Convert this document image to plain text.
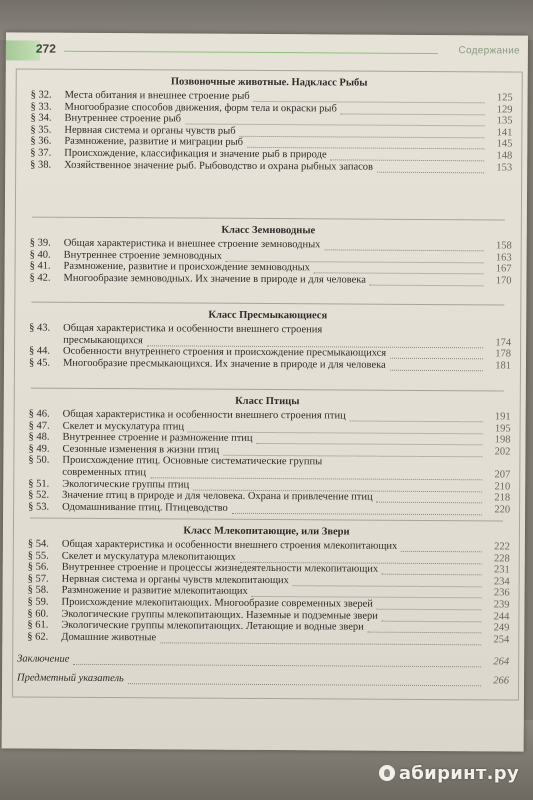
272	Содержание
Позвоночные животные. Надкласс Рыбы
§ 32.	Места обитания и внешнее строение рыб	125
§ 33.	Многообразие способов движения, форм тела и окраски рыб	129
§ 34.	Внутреннее строение рыб	135
§ 35.	Нервная система и органы чувств рыб	141
§ 36.	Размножение, развитие и миграции рыб	145
§ 37.	Происхождение, классификация и значение рыб в природе	148
§ 38.	Хозяйственное значение рыб. Рыбоводство и охрана рыбных запасов	153
Класс Земноводные
§ 39.	Общая характеристика и внешнее строение земноводных	158
§ 40.	Внутреннее строение земноводных	163
§ 41.	Размножение, развитие и происхождение земноводных	167
§ 42.	Многообразие земноводных. Их значение в природе и для человека	170
Класс Пресмыкающиеся
§ 43.	Общая характеристика и особенности внешнего строения
пресмыкающихся	174
§ 44.	Особенности внутреннего строения и происхождение пресмыкающихся	178
§ 45.	Многообразие пресмыкающихся. Их значение в природе и для человека	181
Класс Птицы
§ 46.	Общая характеристика и особенности внешнего строения птиц	191
§ 47.	Скелет и мускулатура птиц	195
§ 48.	Внутреннее строение и размножение птиц	198
§ 49.	Сезонные изменения в жизни птиц	202
§ 50.	Происхождение птиц. Основные систематические группы
современных птиц	207
§ 51.	Экологические группы птиц	210
§ 52.	Значение птиц в природе и для человека. Охрана и привлечение птиц	218
§ 53.	Одомашнивание птиц. Птицеводство	220
Класс Млекопитающие, или Звери
§ 54.	Общая характеристика и особенности внешнего строения млекопитающих	222
§ 55.	Скелет и мускулатура млекопитающих	228
§ 56.	Внутреннее строение и процессы жизнедеятельности млекопитающих	231
§ 57.	Нервная система и органы чувств млекопитающих	234
§ 58.	Размножение и развитие млекопитающих	236
§ 59.	Происхождение млекопитающих. Многообразие современных зверей	239
§ 60.	Экологические группы млекопитающих. Наземные и подземные звери	244
§ 61.	Экологические группы млекопитающих. Летающие и водные звери	249
§ 62.	Домашние животные	254
Заключение	264
Предметный указатель	266
абиринт.ру
